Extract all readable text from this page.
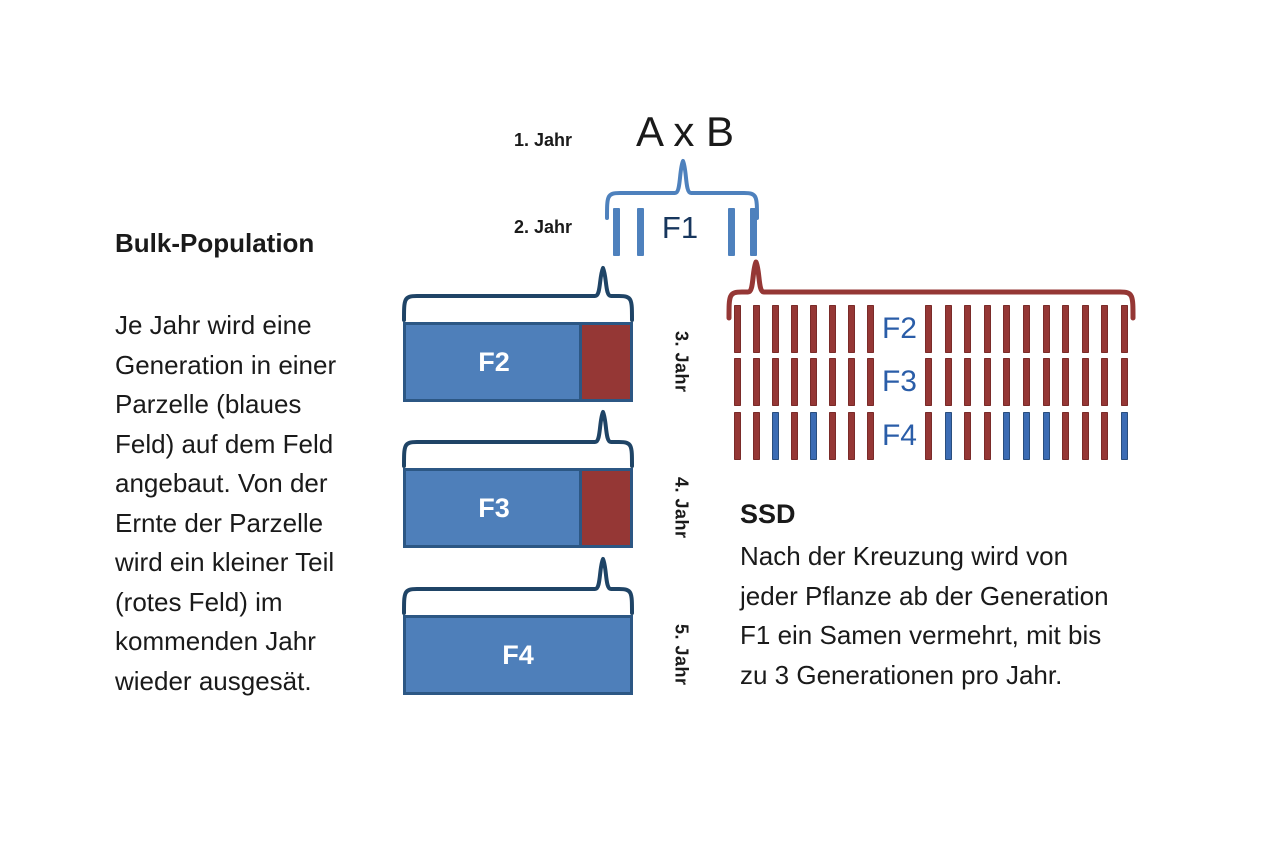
1. Jahr	A x B
2. Jahr	F1
Bulk-Population
Je Jahr wird eine
Generation in einer
Parzelle (blaues
Feld) auf dem Feld
angebaut. Von der
Ernte der Parzelle
wird ein kleiner Teil
(rotes Feld) im
kommenden Jahr
wieder ausgesät.
F2	3. Jahr
F3	4. Jahr
F4	5. Jahr
F2
F3
F4
SSD
Nach der Kreuzung wird von
jeder Pflanze ab der Generation
F1 ein Samen vermehrt, mit bis
zu 3 Generationen pro Jahr.
